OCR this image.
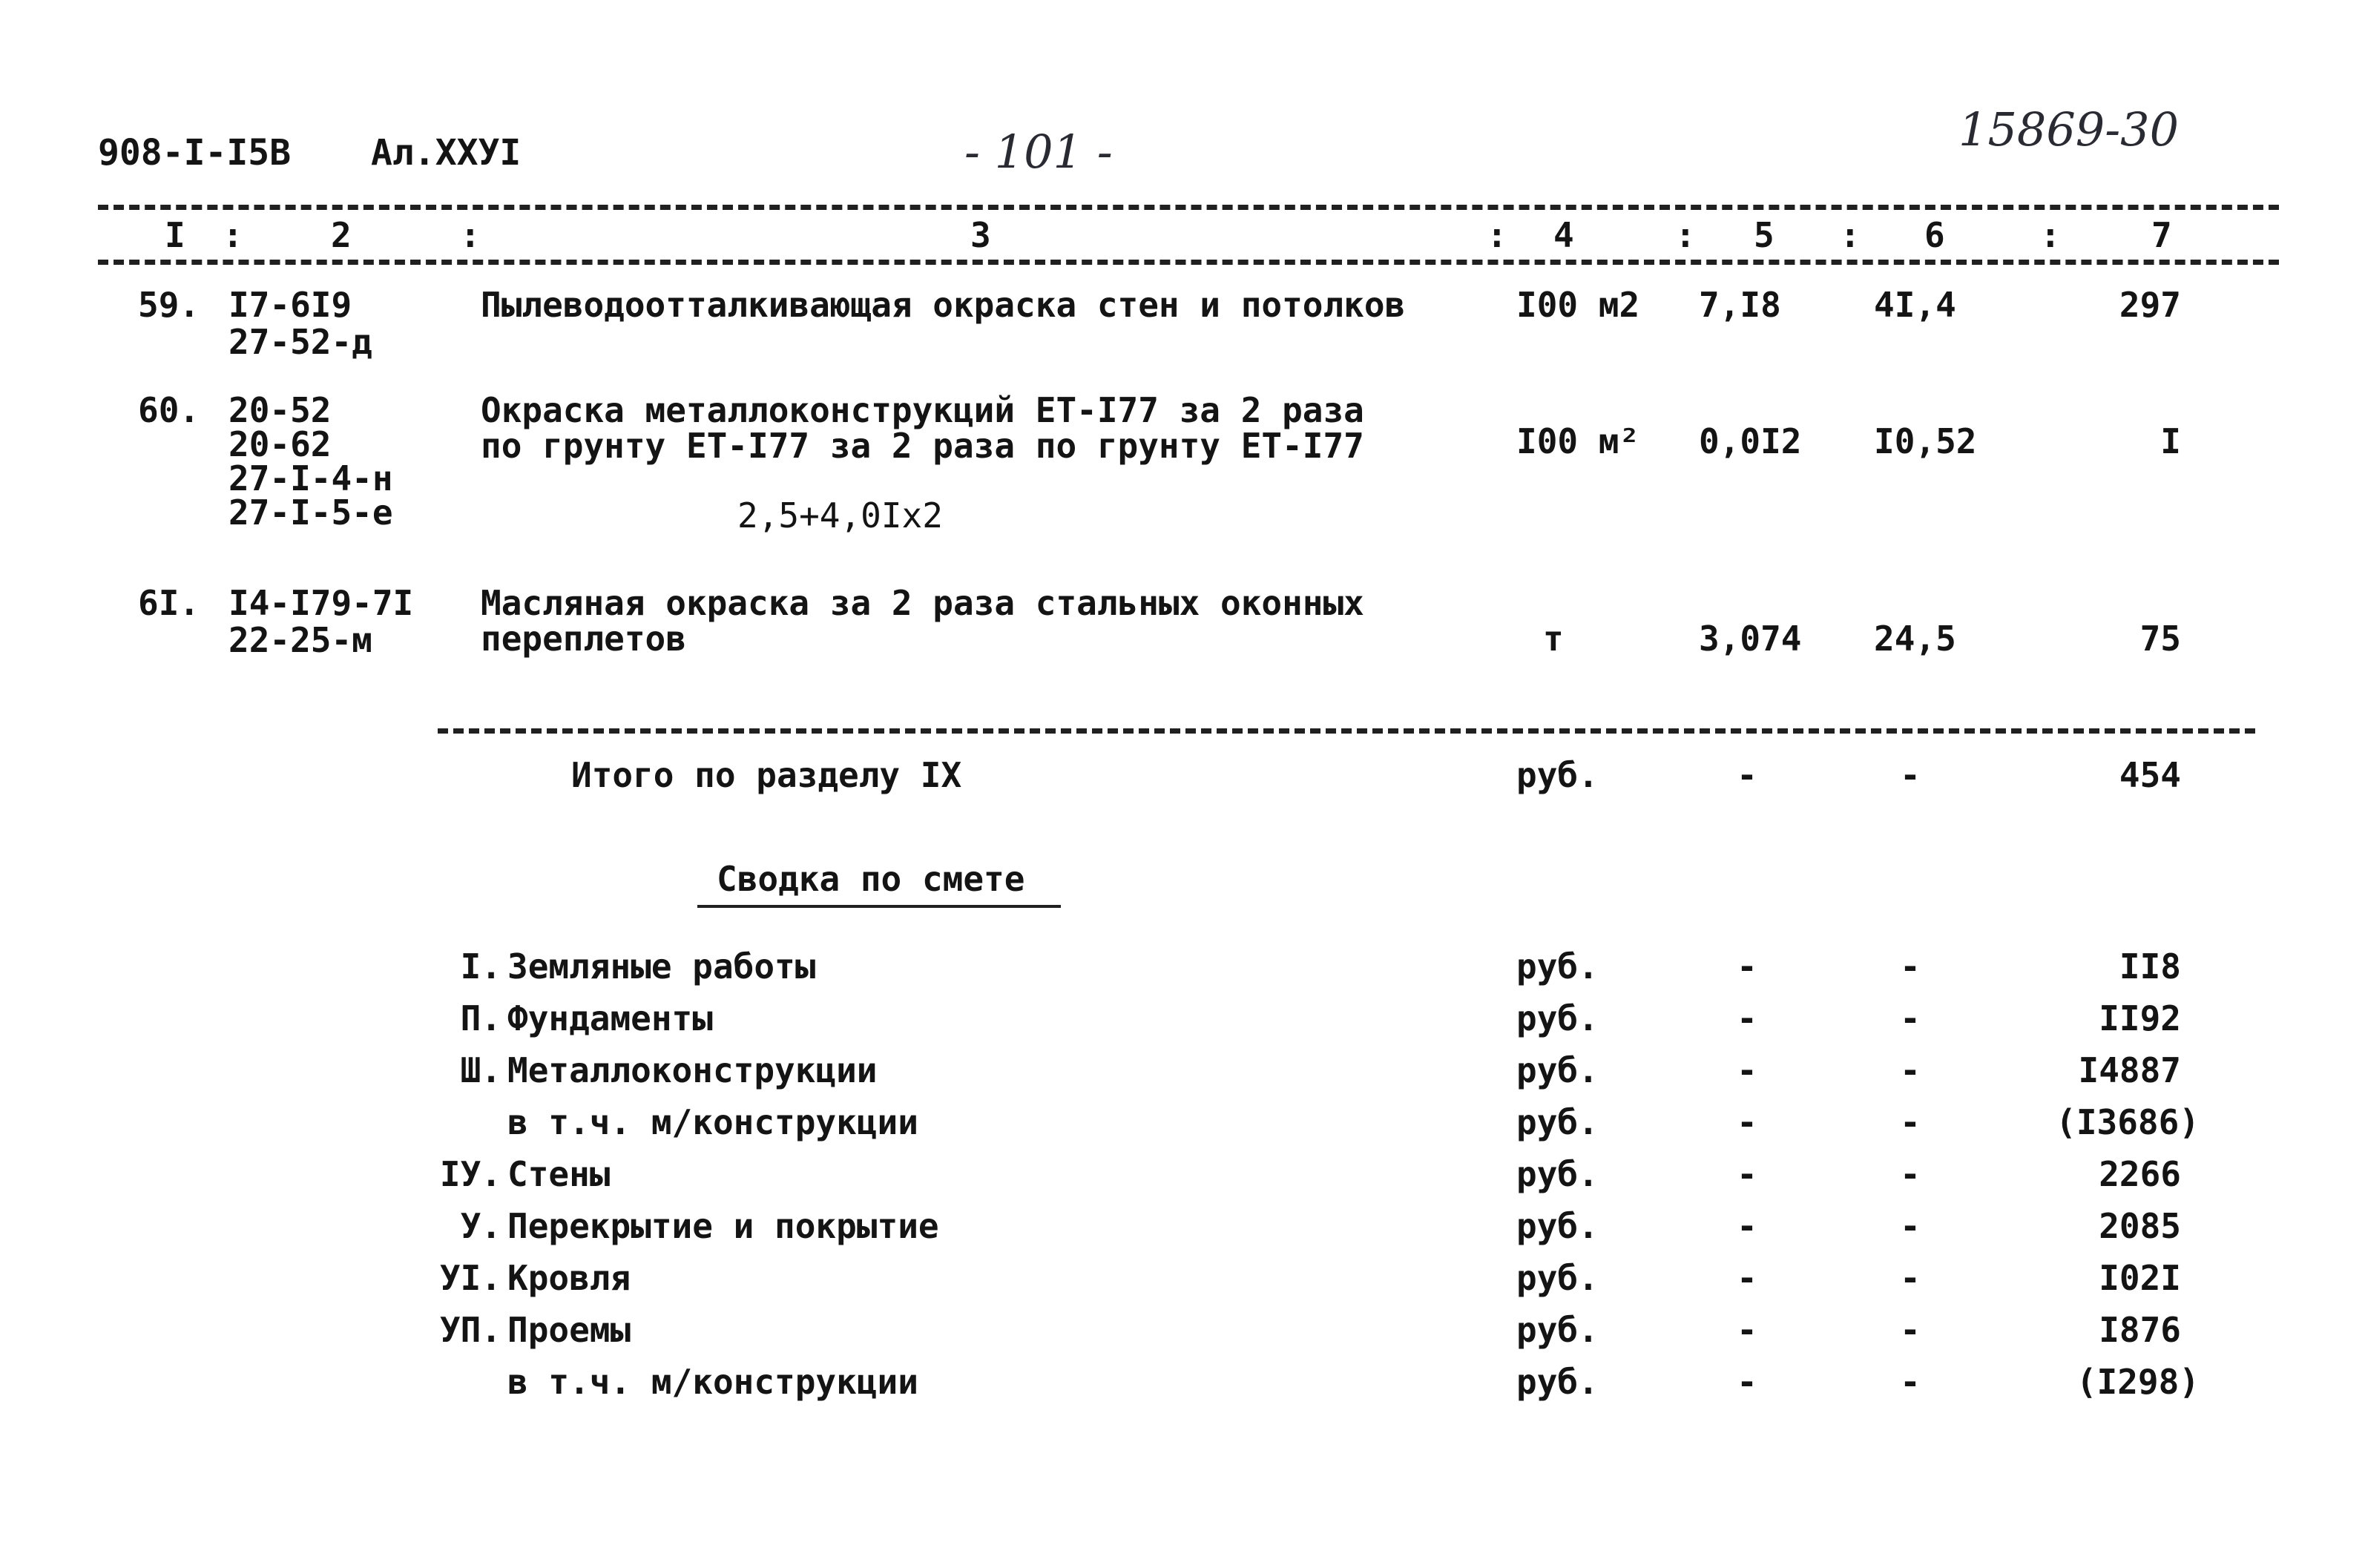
908-I-I5B Ал.XXУI	- 101 -	15869-30
I :	2	:	3	: 4	: 5 : 6	:	7
59. I7-6I9
27-52-д
Пылеводоотталкивающая окраска стен и потолков	I00 м2 7,I8	4I,4	297
60. 20-52
20-62
27-I-4-н
27-I-5-е
Окраска металлоконструкций ЕТ-I77 за 2 раза
по грунту ЕТ-I77 за 2 раза по грунту ЕТ-I77
2,5+4,0Iх2
I00 м² 0,0I2 I0,52	I
6I. I4-I79-7I
22-25-м
Масляная окраска за 2 раза стальных оконных
переплетов	т	3,074 24,5	75
Итого по разделу IX	руб.	-	-	454
Сводка по смете
I. Земляные работы	руб.	-	-	II8
П. Фундаменты	руб.	-	-	II92
Ш. Металлоконструкции	руб.	-	-	I4887
в т.ч. м/конструкции	руб.	-	-	(I3686)
IУ. Стены	руб.	-	-	2266
У. Перекрытие и покрытие	руб.	-	-	2085
УI. Кровля	руб.	-	-	I02I
УП. Проемы	руб.	-	-	I876
в т.ч. м/конструкции	руб.	-	-	(I298)
